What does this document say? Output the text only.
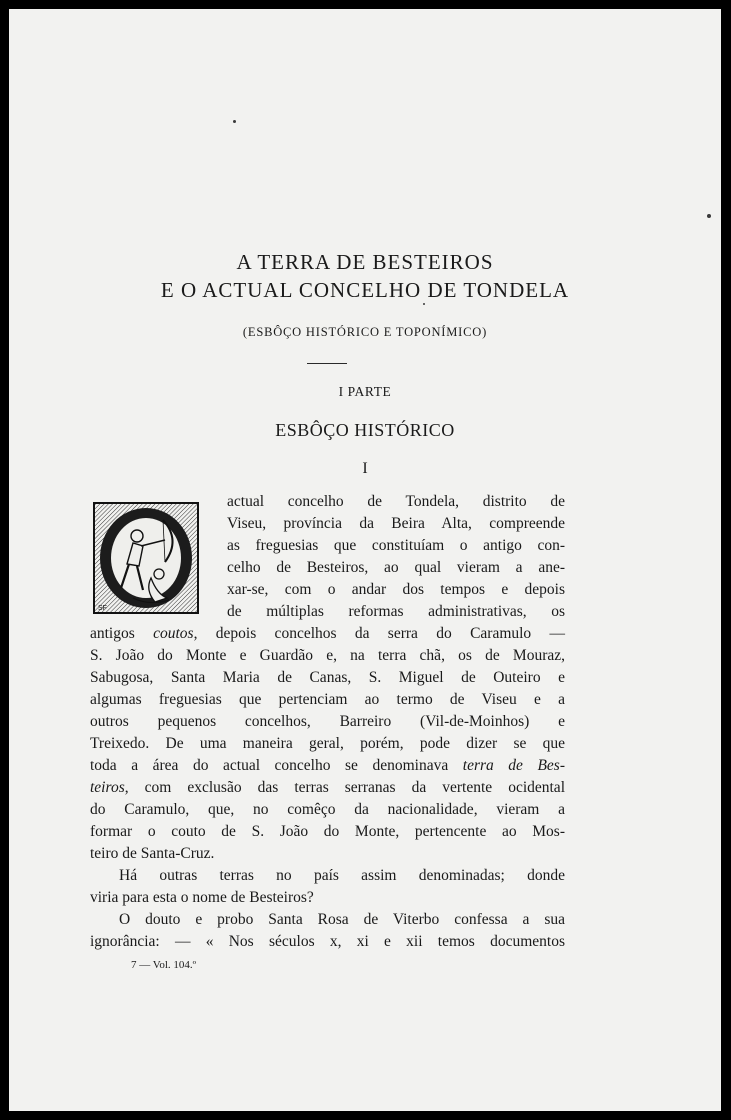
A TERRA DE BESTEIROS
E O ACTUAL CONCELHO DE TONDELA
(ESBÔÇO HISTÓRICO E TOPONÍMICO)
I PARTE
ESBÔÇO HISTÓRICO
I
SF
actual concelho de Tondela, distrito de
Viseu, província da Beira Alta, compreende
as freguesias que constituíam o antigo con-
celho de Besteiros, ao qual vieram a ane-
xar-se, com o andar dos tempos e depois
de múltiplas reformas administrativas, os
antigos coutos, depois concelhos da serra do Caramulo —
S. João do Monte e Guardão e, na terra chã, os de Mouraz,
Sabugosa, Santa Maria de Canas, S. Miguel de Outeiro e
algumas freguesias que pertenciam ao termo de Viseu e a
outros pequenos concelhos, Barreiro (Vil-de-Moinhos) e
Treixedo. De uma maneira geral, porém, pode dizer se que
toda a área do actual concelho se denominava terra de Bes-
teiros, com exclusão das terras serranas da vertente ocidental
do Caramulo, que, no comêço da nacionalidade, vieram a
formar o couto de S. João do Monte, pertencente ao Mos-
teiro de Santa-Cruz.
Há outras terras no país assim denominadas; donde
viria para esta o nome de Besteiros?
O douto e probo Santa Rosa de Viterbo confessa a sua
ignorância: — « Nos séculos x, xi e xii temos documentos
7 — Vol. 104.º
